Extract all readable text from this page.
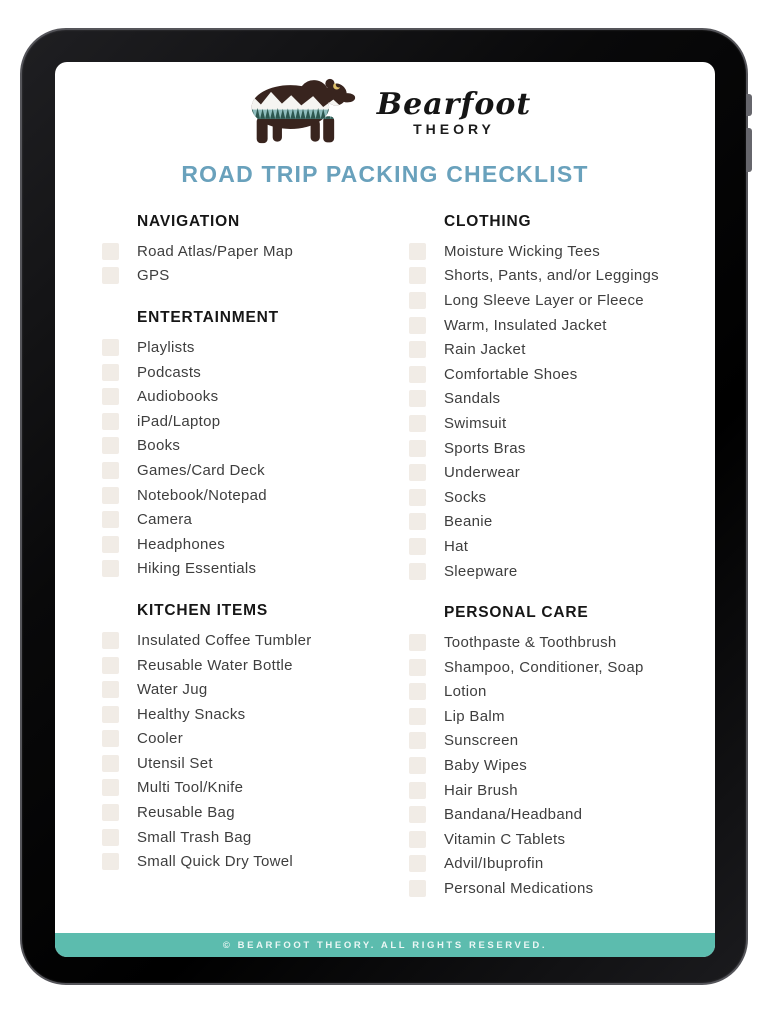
Bearfoot
THEORY
ROAD TRIP PACKING CHECKLIST
NAVIGATION
Road Atlas/Paper Map
GPS
ENTERTAINMENT
Playlists
Podcasts
Audiobooks
iPad/Laptop
Books
Games/Card Deck
Notebook/Notepad
Camera
Headphones
Hiking Essentials
KITCHEN ITEMS
Insulated Coffee Tumbler
Reusable Water Bottle
Water Jug
Healthy Snacks
Cooler
Utensil Set
Multi Tool/Knife
Reusable Bag
Small Trash Bag
Small Quick Dry Towel
CLOTHING
Moisture Wicking Tees
Shorts, Pants, and/or Leggings
Long Sleeve Layer or Fleece
Warm, Insulated Jacket
Rain Jacket
Comfortable Shoes
Sandals
Swimsuit
Sports Bras
Underwear
Socks
Beanie
Hat
Sleepware
PERSONAL CARE
Toothpaste & Toothbrush
Shampoo, Conditioner, Soap
Lotion
Lip Balm
Sunscreen
Baby Wipes
Hair Brush
Bandana/Headband
Vitamin C Tablets
Advil/Ibuprofin
Personal Medications
© BEARFOOT THEORY. ALL RIGHTS RESERVED.
